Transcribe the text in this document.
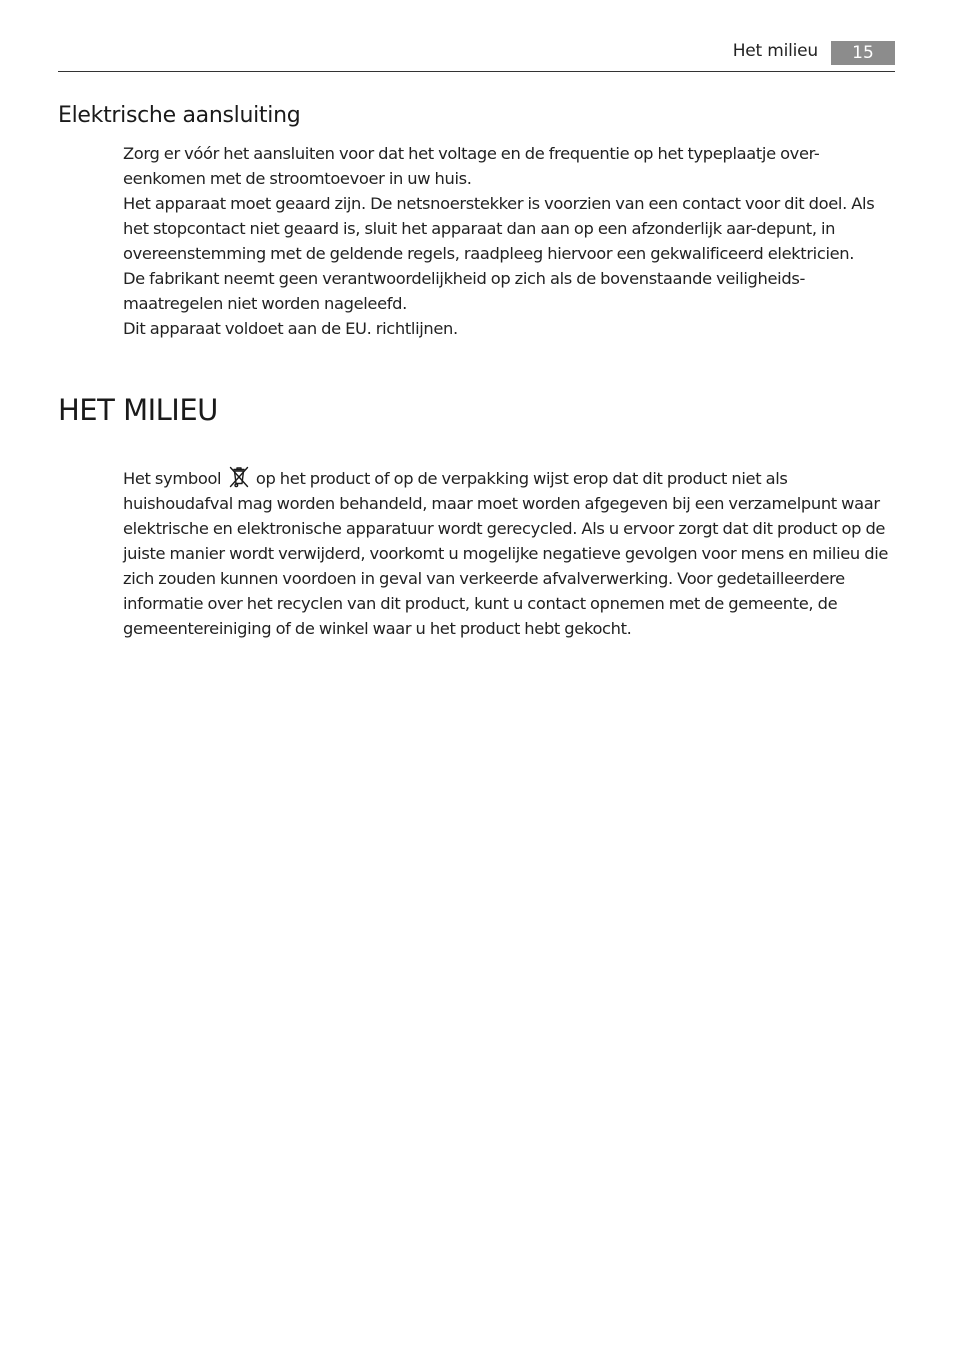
Het milieu	15
Elektrische aansluiting

Zorg er vóór het aansluiten voor dat het voltage en de frequentie op het typeplaatje over-eenkomen met de stroomtoevoer in uw huis.

Het apparaat moet geaard zijn. De netsnoerstekker is voorzien van een contact voor dit doel. Als het stopcontact niet geaard is, sluit het apparaat dan aan op een afzonderlijk aar-depunt, in overeenstemming met de geldende regels, raadpleeg hiervoor een gekwalificeerd elektricien.

De fabrikant neemt geen verantwoordelijkheid op zich als de bovenstaande veiligheids-maatregelen niet worden nageleefd.

Dit apparaat voldoet aan de EU. richtlijnen.

HET MILIEU

Het symbool op het product of op de verpakking wijst erop dat dit product niet als huishoudafval mag worden behandeld, maar moet worden afgegeven bij een verzamelpunt waar elektrische en elektronische apparatuur wordt gerecycled. Als u ervoor zorgt dat dit product op de juiste manier wordt verwijderd, voorkomt u mogelijke negatieve gevolgen voor mens en milieu die zich zouden kunnen voordoen in geval van verkeerde afvalverwerking. Voor gedetailleerdere informatie over het recyclen van dit product, kunt u contact opnemen met de gemeente, de gemeentereiniging of de winkel waar u het product hebt gekocht.
